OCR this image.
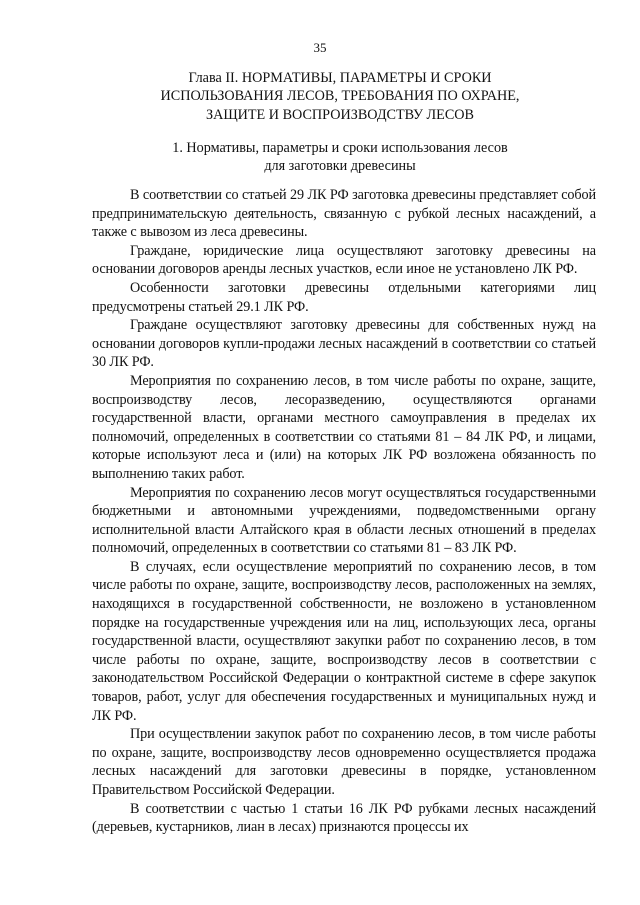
35
Глава II. НОРМАТИВЫ, ПАРАМЕТРЫ И СРОКИ
ИСПОЛЬЗОВАНИЯ ЛЕСОВ, ТРЕБОВАНИЯ ПО ОХРАНЕ,
ЗАЩИТЕ И ВОСПРОИЗВОДСТВУ ЛЕСОВ
1. Нормативы, параметры и сроки использования лесов
для заготовки древесины

В соответствии со статьей 29 ЛК РФ заготовка древесины представляет собой предпринимательскую деятельность, связанную с рубкой лесных насаждений, а также с вывозом из леса древесины.

Граждане, юридические лица осуществляют заготовку древесины на основании договоров аренды лесных участков, если иное не установлено ЛК РФ.

Особенности заготовки древесины отдельными категориями лиц предусмотрены статьей 29.1 ЛК РФ.

Граждане осуществляют заготовку древесины для собственных нужд на основании договоров купли-продажи лесных насаждений в соответствии со статьей 30 ЛК РФ.

Мероприятия по сохранению лесов, в том числе работы по охране, защите, воспроизводству лесов, лесоразведению, осуществляются органами государственной власти, органами местного самоуправления в пределах их полномочий, определенных в соответствии со статьями 81 – 84 ЛК РФ, и лицами, которые используют леса и (или) на которых ЛК РФ возложена обязанность по выполнению таких работ.

Мероприятия по сохранению лесов могут осуществляться государственными бюджетными и автономными учреждениями, подведомственными органу исполнительной власти Алтайского края в области лесных отношений в пределах полномочий, определенных в соответствии со статьями 81 – 83 ЛК РФ.

В случаях, если осуществление мероприятий по сохранению лесов, в том числе работы по охране, защите, воспроизводству лесов, расположенных на землях, находящихся в государственной собственности, не возложено в установленном порядке на государственные учреждения или на лиц, использующих леса, органы государственной власти, осуществляют закупки работ по сохранению лесов, в том числе работы по охране, защите, воспроизводству лесов в соответствии с законодательством Российской Федерации о контрактной системе в сфере закупок товаров, работ, услуг для обеспечения государственных и муниципальных нужд и ЛК РФ.

При осуществлении закупок работ по сохранению лесов, в том числе работы по охране, защите, воспроизводству лесов одновременно осуществляется продажа лесных насаждений для заготовки древесины в порядке, установленном Правительством Российской Федерации.

В соответствии с частью 1 статьи 16 ЛК РФ рубками лесных насаждений (деревьев, кустарников, лиан в лесах) признаются процессы их
